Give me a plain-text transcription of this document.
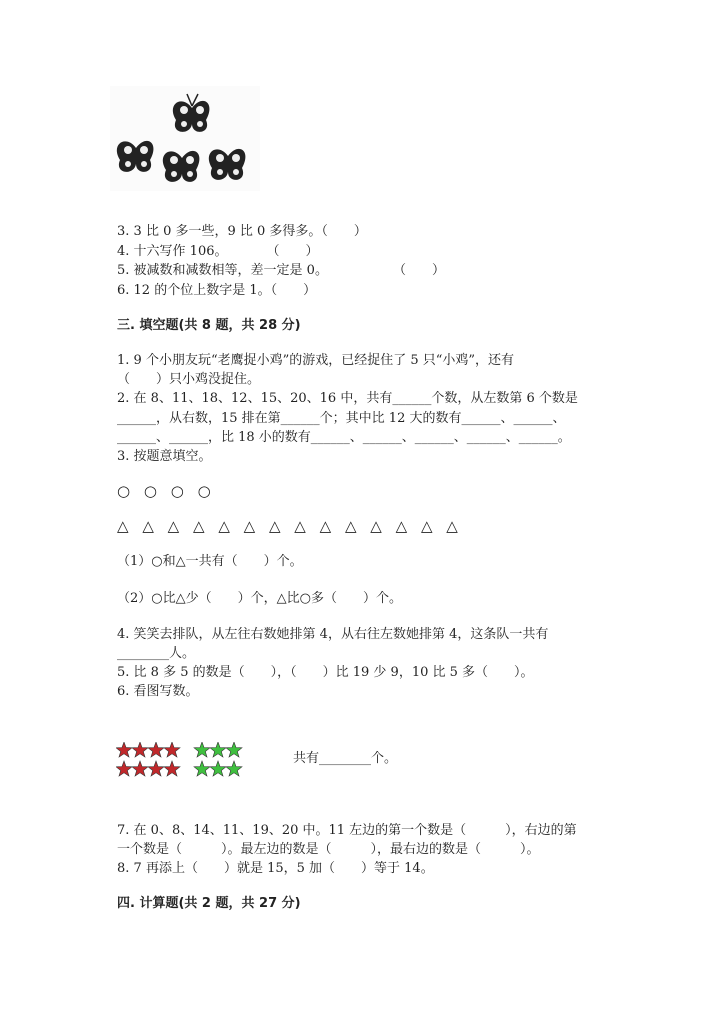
3. 3 比 0 多一些，9 比 0 多得多。（　　）
4. 十六写作 106。　　　　（　　）
5. 被减数和减数相等，差一定是 0。　　　　　　（　　）
6. 12 的个位上数字是 1。（　　）
三. 填空题(共 8 题，共 28 分)
1. 9 个小朋友玩“老鹰捉小鸡”的游戏，已经捉住了 5 只“小鸡”，还有
（　　）只小鸡没捉住。
2. 在 8、11、18、12、15、20、16 中，共有______个数，从左数第 6 个数是
______，从右数，15 排在第______个；其中比 12 大的数有______、______、
______、______，比 18 小的数有______、______、______、______、______。
3. 按题意填空。
○ ○ ○ ○
△ △ △ △ △ △ △ △ △ △ △ △ △ △
（1）○和△一共有（　　）个。
（2）○比△少（　　）个，△比○多（　　）个。
4. 笑笑去排队，从左往右数她排第 4，从右往左数她排第 4，这条队一共有
________人。
5. 比 8 多 5 的数是（　　），（　　）比 19 少 9，10 比 5 多（　　）。
6. 看图写数。
共有________个。
7. 在 0、8、14、11、19、20 中。11 左边的第一个数是（　　　），右边的第
一个数是（　　　）。最左边的数是（　　　），最右边的数是（　　　）。
8. 7 再添上（　　）就是 15，5 加（　　）等于 14。
四. 计算题(共 2 题，共 27 分)
